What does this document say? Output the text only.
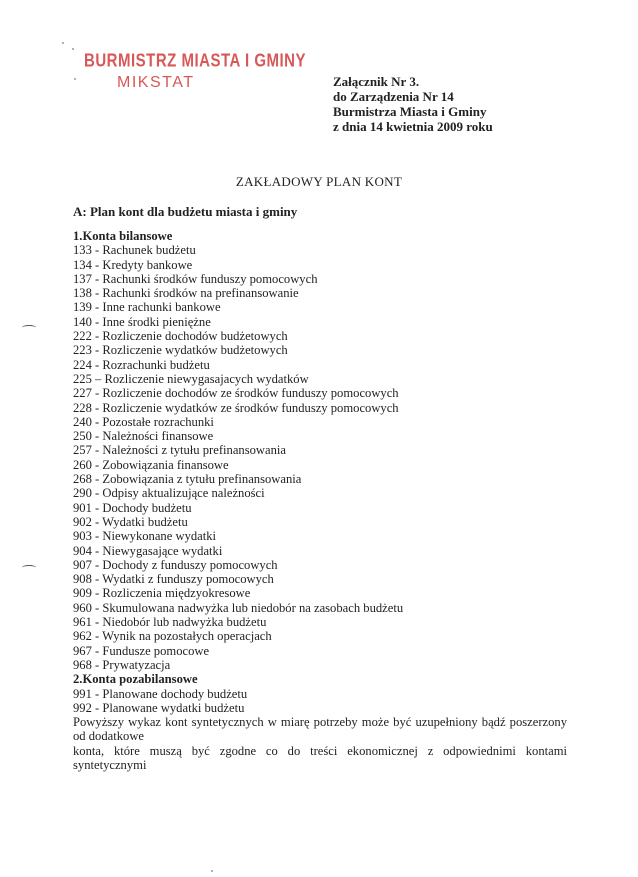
BURMISTRZ MIASTA I GMINY
MIKSTAT	Załącznik Nr 3.
do Zarządzenia Nr 14
Burmistrza Miasta i Gminy
z dnia 14 kwietnia 2009 roku
ZAKŁADOWY PLAN KONT
A: Plan kont dla budżetu miasta i gminy
1.Konta bilansowe
133 - Rachunek budżetu
134 - Kredyty bankowe
137 - Rachunki środków funduszy pomocowych
138 - Rachunki środków na prefinansowanie
139 - Inne rachunki bankowe
140 - Inne środki pieniężne
222 - Rozliczenie dochodów budżetowych
223 - Rozliczenie wydatków budżetowych
224 - Rozrachunki budżetu
225 – Rozliczenie niewygasajacych wydatków
227 - Rozliczenie dochodów ze środków funduszy pomocowych
228 - Rozliczenie wydatków ze środków funduszy pomocowych
240 - Pozostałe rozrachunki
250 - Należności finansowe
257 - Należności z tytułu prefinansowania
260 - Zobowiązania finansowe
268 - Zobowiązania z tytułu prefinansowania
290 - Odpisy aktualizujące należności
901 - Dochody budżetu
902 - Wydatki budżetu
903 - Niewykonane wydatki
904 - Niewygasające wydatki
907 - Dochody z funduszy pomocowych
908 - Wydatki z funduszy pomocowych
909 - Rozliczenia międzyokresowe
960 - Skumulowana nadwyżka lub niedobór na zasobach budżetu
961 - Niedobór lub nadwyżka budżetu
962 - Wynik na pozostałych operacjach
967 - Fundusze pomocowe
968 - Prywatyzacja
2.Konta pozabilansowe
991 - Planowane dochody budżetu
992 - Planowane wydatki budżetu

Powyższy wykaz kont syntetycznych w miarę potrzeby może być uzupełniony bądź poszerzony od dodatkowe

konta, które muszą być zgodne co do treści ekonomicznej z odpowiednimi kontami syntetycznymi
